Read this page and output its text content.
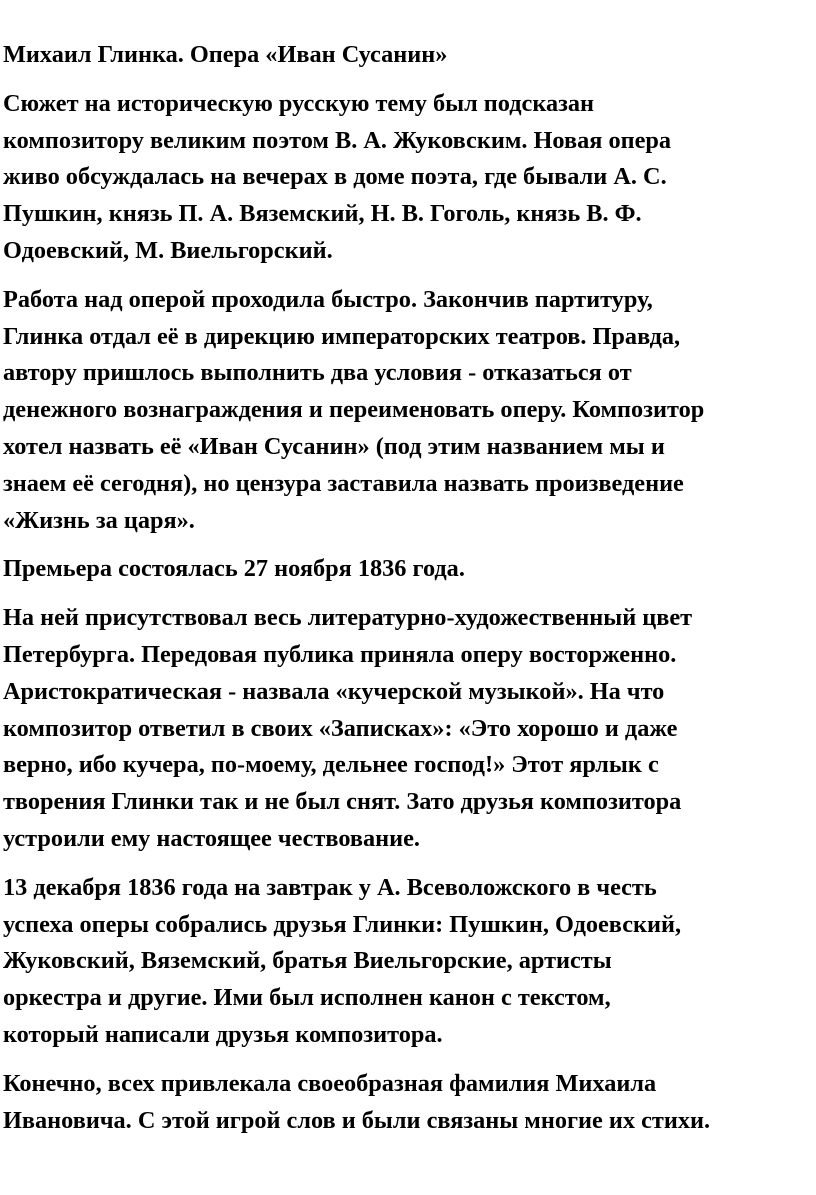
Михаил Глинка. Опера «Иван Сусанин»

Сюжет на историческую русскую тему был подсказан
композитору великим поэтом В. А. Жуковским. Новая опера
живо обсуждалась на вечерах в доме поэта, где бывали А. С.
Пушкин, князь П. А. Вяземский, Н. В. Гоголь, князь В. Ф.
Одоевский, М. Виельгорский.

Работа над оперой проходила быстро. Закончив партитуру,
Глинка отдал её в дирекцию императорских театров. Правда,
автору пришлось выполнить два условия - отказаться от
денежного вознаграждения и переименовать оперу. Композитор
хотел назвать её «Иван Сусанин» (под этим названием мы и
знаем её сегодня), но цензура заставила назвать произведение
«Жизнь за царя».

Премьера состоялась 27 ноября 1836 года.

На ней присутствовал весь литературно-художественный цвет
Петербурга. Передовая публика приняла оперу восторженно.
Аристократическая - назвала «кучерской музыкой». На что
композитор ответил в своих «Записках»: «Это хорошо и даже
верно, ибо кучера, по-моему, дельнее господ!» Этот ярлык с
творения Глинки так и не был снят. Зато друзья композитора
устроили ему настоящее чествование.

13 декабря 1836 года на завтрак у А. Всеволожского в честь
успеха оперы собрались друзья Глинки: Пушкин, Одоевский,
Жуковский, Вяземский, братья Виельгорские, артисты
оркестра и другие. Ими был исполнен канон с текстом,
который написали друзья композитора.

Конечно, всех привлекала своеобразная фамилия Михаила
Ивановича. С этой игрой слов и были связаны многие их стихи.
